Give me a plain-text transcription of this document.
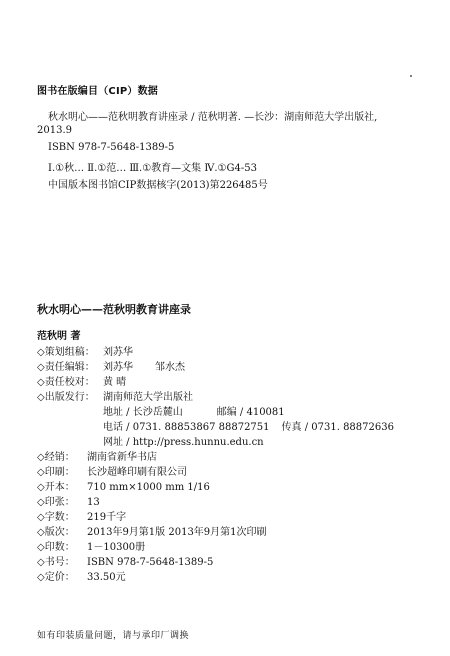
图书在版编目（CIP）数据
秋水明心——范秋明教育讲座录 / 范秋明著. —长沙：湖南师范大学出版社,
2013.9
ISBN 978-7-5648-1389-5
Ⅰ.①秋… Ⅱ.①范… Ⅲ.①教育—文集 Ⅳ.①G4-53
中国版本图书馆CIP数据核字(2013)第226485号
秋水明心——范秋明教育讲座录
范秋明 著
◇策划组稿： 刘苏华
◇责任编辑： 刘苏华 邹水杰
◇责任校对： 黄 晴
◇出版发行： 湖南师范大学出版社
地址 / 长沙岳麓山	邮编 / 410081
电话 / 0731. 88853867 88872751 传真 / 0731. 88872636
网址 / http://press.hunnu.edu.cn
◇经销： 湖南省新华书店
◇印刷： 长沙超峰印刷有限公司
◇开本： 710 mm×1000 mm 1/16
◇印张： 13
◇字数： 219千字
◇版次： 2013年9月第1版 2013年9月第1次印刷
◇印数： 1－10300册
◇书号： ISBN 978-7-5648-1389-5
◇定价： 33.50元
如有印装质量问题，请与承印厂调换
